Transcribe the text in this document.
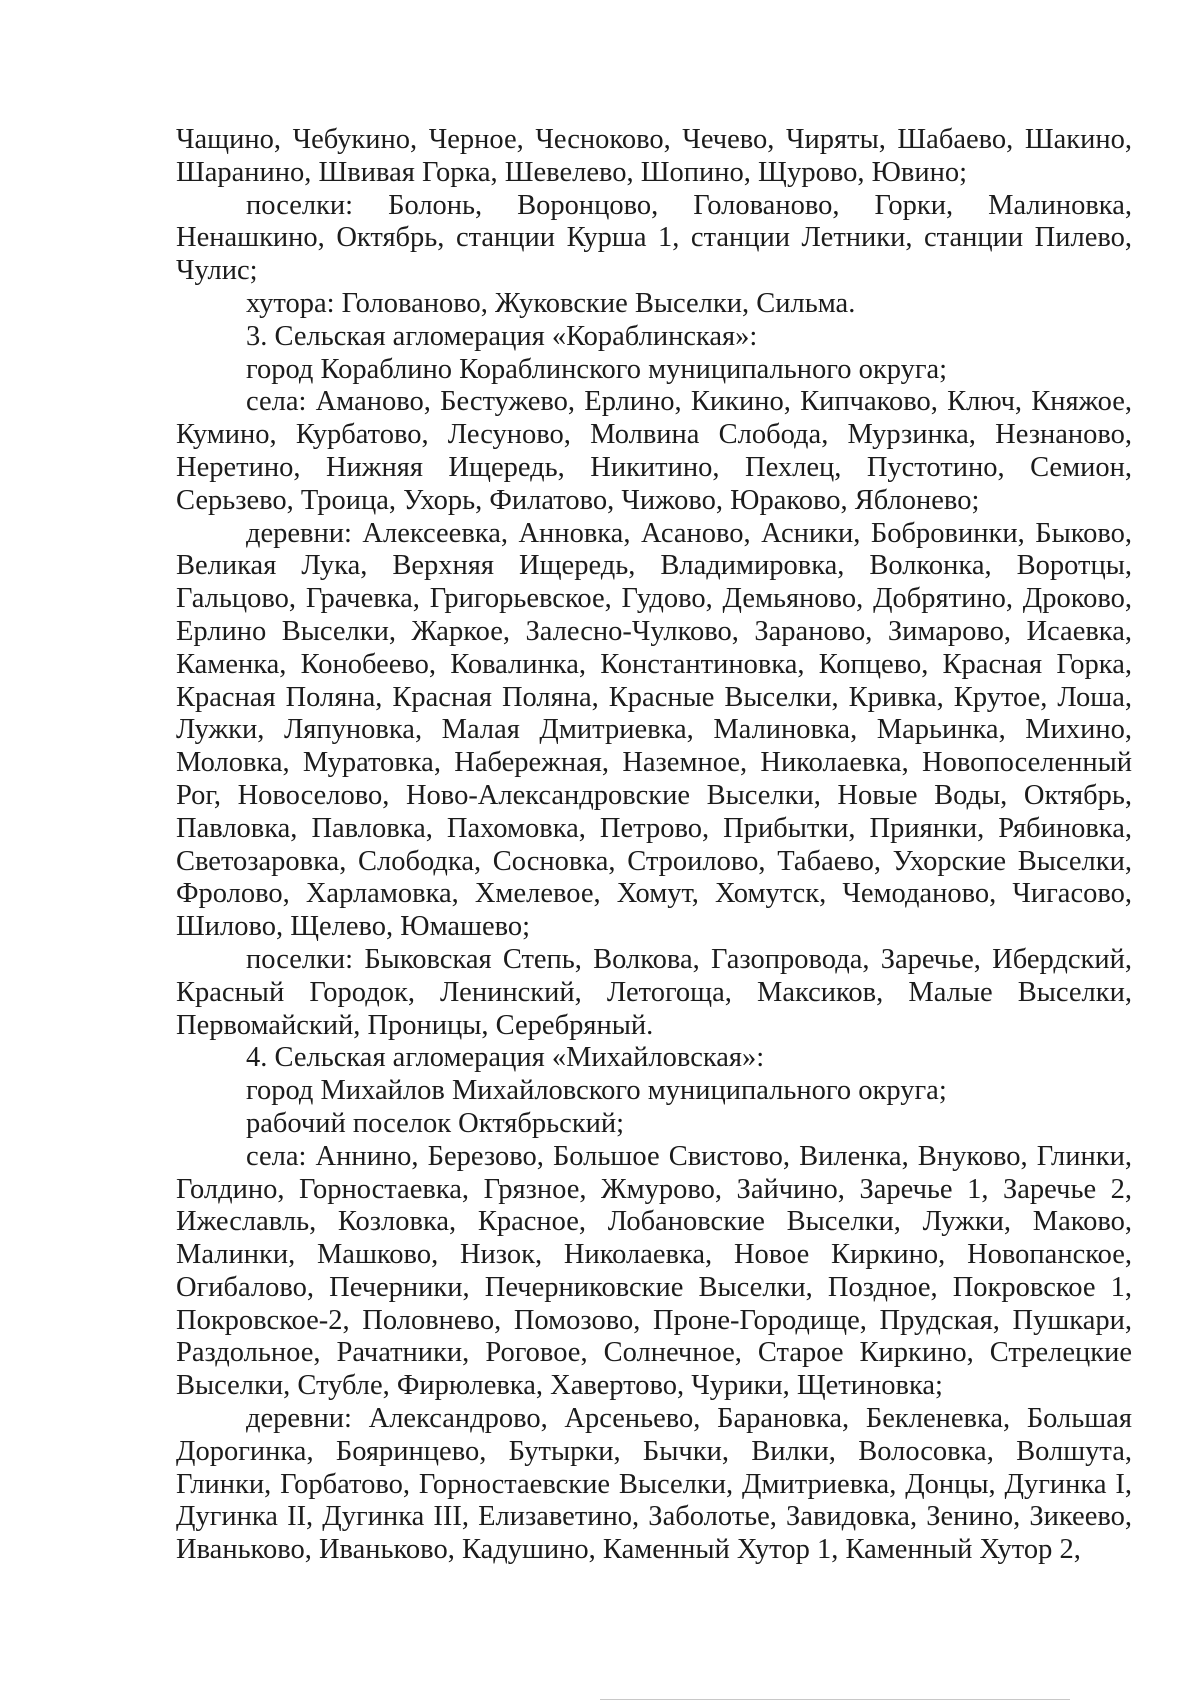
Чащино, Чебукино, Черное, Чесноково, Чечево, Чиряты, Шабаево, Шакино, Шаранино, Швивая Горка, Шевелево, Шопино, Щурово, Ювино;

поселки: Болонь, Воронцово, Голованово, Горки, Малиновка, Ненашкино, Октябрь, станции Курша 1, станции Летники, станции Пилево, Чулис;

хутора: Голованово, Жуковские Выселки, Сильма.

3. Сельская агломерация «Кораблинская»:

город Кораблино Кораблинского муниципального округа;

села: Аманово, Бестужево, Ерлино, Кикино, Кипчаково, Ключ, Княжое, Кумино, Курбатово, Лесуново, Молвина Слобода, Мурзинка, Незнаново, Неретино, Нижняя Ищередь, Никитино, Пехлец, Пустотино, Семион, Серьзево, Троица, Ухорь, Филатово, Чижово, Юраково, Яблонево;

деревни: Алексеевка, Анновка, Асаново, Асники, Бобровинки, Быково, Великая Лука, Верхняя Ищередь, Владимировка, Волконка, Воротцы, Гальцово, Грачевка, Григорьевское, Гудово, Демьяново, Добрятино, Дроково, Ерлино Выселки, Жаркое, Залесно-Чулково, Зараново, Зимарово, Исаевка, Каменка, Конобеево, Ковалинка, Константиновка, Копцево, Красная Горка, Красная Поляна, Красная Поляна, Красные Выселки, Кривка, Крутое, Лоша, Лужки, Ляпуновка, Малая Дмитриевка, Малиновка, Марьинка, Михино, Моловка, Муратовка, Набережная, Наземное, Николаевка, Новопоселенный Рог, Новоселово, Ново-Александровские Выселки, Новые Воды, Октябрь, Павловка, Павловка, Пахомовка, Петрово, Прибытки, Приянки, Рябиновка, Светозаровка, Слободка, Сосновка, Строилово, Табаево, Ухорские Выселки, Фролово, Харламовка, Хмелевое, Хомут, Хомутск, Чемоданово, Чигасово, Шилово, Щелево, Юмашево;

поселки: Быковская Степь, Волкова, Газопровода, Заречье, Ибердский, Красный Городок, Ленинский, Летогоща, Максиков, Малые Выселки, Первомайский, Проницы, Серебряный.

4. Сельская агломерация «Михайловская»:

город Михайлов Михайловского муниципального округа;

рабочий поселок Октябрьский;

села: Аннино, Березово, Большое Свистово, Виленка, Внуково, Глинки, Голдино, Горностаевка, Грязное, Жмурово, Зайчино, Заречье 1, Заречье 2, Ижеславль, Козловка, Красное, Лобановские Выселки, Лужки, Маково, Малинки, Машково, Низок, Николаевка, Новое Киркино, Новопанское, Огибалово, Печерники, Печерниковские Выселки, Поздное, Покровское 1, Покровское-2, Половнево, Помозово, Проне-Городище, Прудская, Пушкари, Раздольное, Рачатники, Роговое, Солнечное, Старое Киркино, Стрелецкие Выселки, Стубле, Фирюлевка, Хавертово, Чурики, Щетиновка;

деревни: Александрово, Арсеньево, Барановка, Бекленевка, Большая Дорогинка, Бояринцево, Бутырки, Бычки, Вилки, Волосовка, Волшута, Глинки, Горбатово, Горностаевские Выселки, Дмитриевка, Донцы, Дугинка I, Дугинка II, Дугинка III, Елизаветино, Заболотье, Завидовка, Зенино, Зикеево, Иваньково, Иваньково, Кадушино, Каменный Хутор 1, Каменный Хутор 2,
